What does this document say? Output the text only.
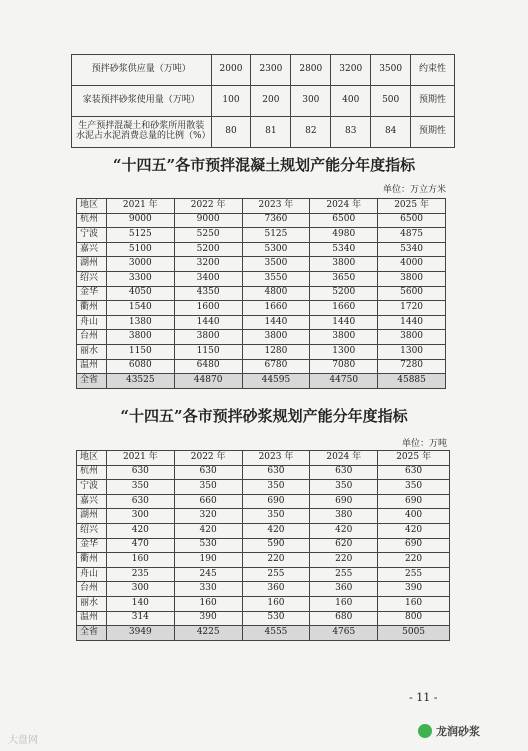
预拌砂浆供应量（万吨）	2000	2300	2800	3200	3500	约束性
家装预拌砂浆使用量（万吨）	100	200	300	400	500	预期性
生产预拌混凝土和砂浆所用散装水泥占水泥消费总量的比例（%）	80	81	82	83	84	预期性
“十四五”各市预拌混凝土规划产能分年度指标
单位：万立方米
地区	2021 年	2022 年	2023 年	2024 年	2025 年
杭州	9000	9000	7360	6500	6500
宁波	5125	5250	5125	4980	4875
嘉兴	5100	5200	5300	5340	5340
湖州	3000	3200	3500	3800	4000
绍兴	3300	3400	3550	3650	3800
金华	4050	4350	4800	5200	5600
衢州	1540	1600	1660	1660	1720
舟山	1380	1440	1440	1440	1440
台州	3800	3800	3800	3800	3800
丽水	1150	1150	1280	1300	1300
温州	6080	6480	6780	7080	7280
全省	43525	44870	44595	44750	45885
“十四五”各市预拌砂浆规划产能分年度指标
单位：万吨
地区	2021 年	2022 年	2023 年	2024 年	2025 年
杭州	630	630	630	630	630
宁波	350	350	350	350	350
嘉兴	630	660	690	690	690
湖州	300	320	350	380	400
绍兴	420	420	420	420	420
金华	470	530	590	620	690
衢州	160	190	220	220	220
舟山	235	245	255	255	255
台州	300	330	360	360	390
丽水	140	160	160	160	160
温州	314	390	530	680	800
全省	3949	4225	4555	4765	5005
- 11 -
大盘网
龙润砂浆
